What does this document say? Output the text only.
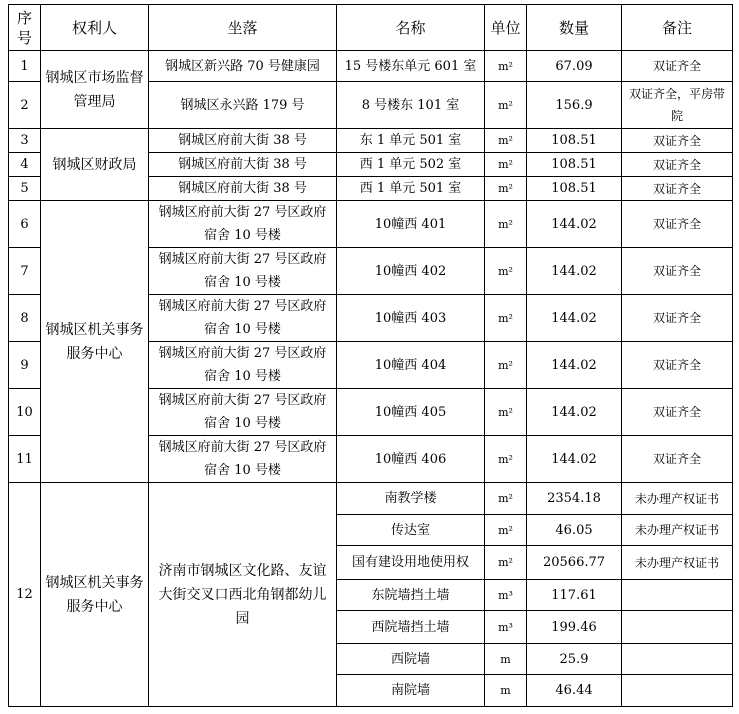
序号	权利人	坐落	名称	单位	数量	备注
1	钢城区市场监督管理局	钢城区新兴路 70 号健康园	15 号楼东单元 601 室	m²	67.09	双证齐全
2		钢城区永兴路 179 号	8 号楼东 101 室	m²	156.9	双证齐全，平房带院
3	钢城区财政局	钢城区府前大街 38 号	东 1 单元 501 室	m²	108.51	双证齐全
4		钢城区府前大街 38 号	西 1 单元 502 室	m²	108.51	双证齐全
5		钢城区府前大街 38 号	西 1 单元 501 室	m²	108.51	双证齐全
6	钢城区机关事务服务中心	钢城区府前大街 27 号区政府宿舍 10 号楼	10幢西 401	m²	144.02	双证齐全
7		钢城区府前大街 27 号区政府宿舍 10 号楼	10幢西 402	m²	144.02	双证齐全
8		钢城区府前大街 27 号区政府宿舍 10 号楼	10幢西 403	m²	144.02	双证齐全
9		钢城区府前大街 27 号区政府宿舍 10 号楼	10幢西 404	m²	144.02	双证齐全
10		钢城区府前大街 27 号区政府宿舍 10 号楼	10幢西 405	m²	144.02	双证齐全
11		钢城区府前大街 27 号区政府宿舍 10 号楼	10幢西 406	m²	144.02	双证齐全
12	钢城区机关事务服务中心	济南市钢城区文化路、友谊大街交叉口西北角钢都幼儿园	南教学楼	m²	2354.18	未办理产权证书
			传达室	m²	46.05	未办理产权证书
			国有建设用地使用权	m²	20566.77	未办理产权证书
			东院墙挡土墙	m³	117.61	
			西院墙挡土墙	m³	199.46	
			西院墙	m	25.9	
			南院墙	m	46.44	
